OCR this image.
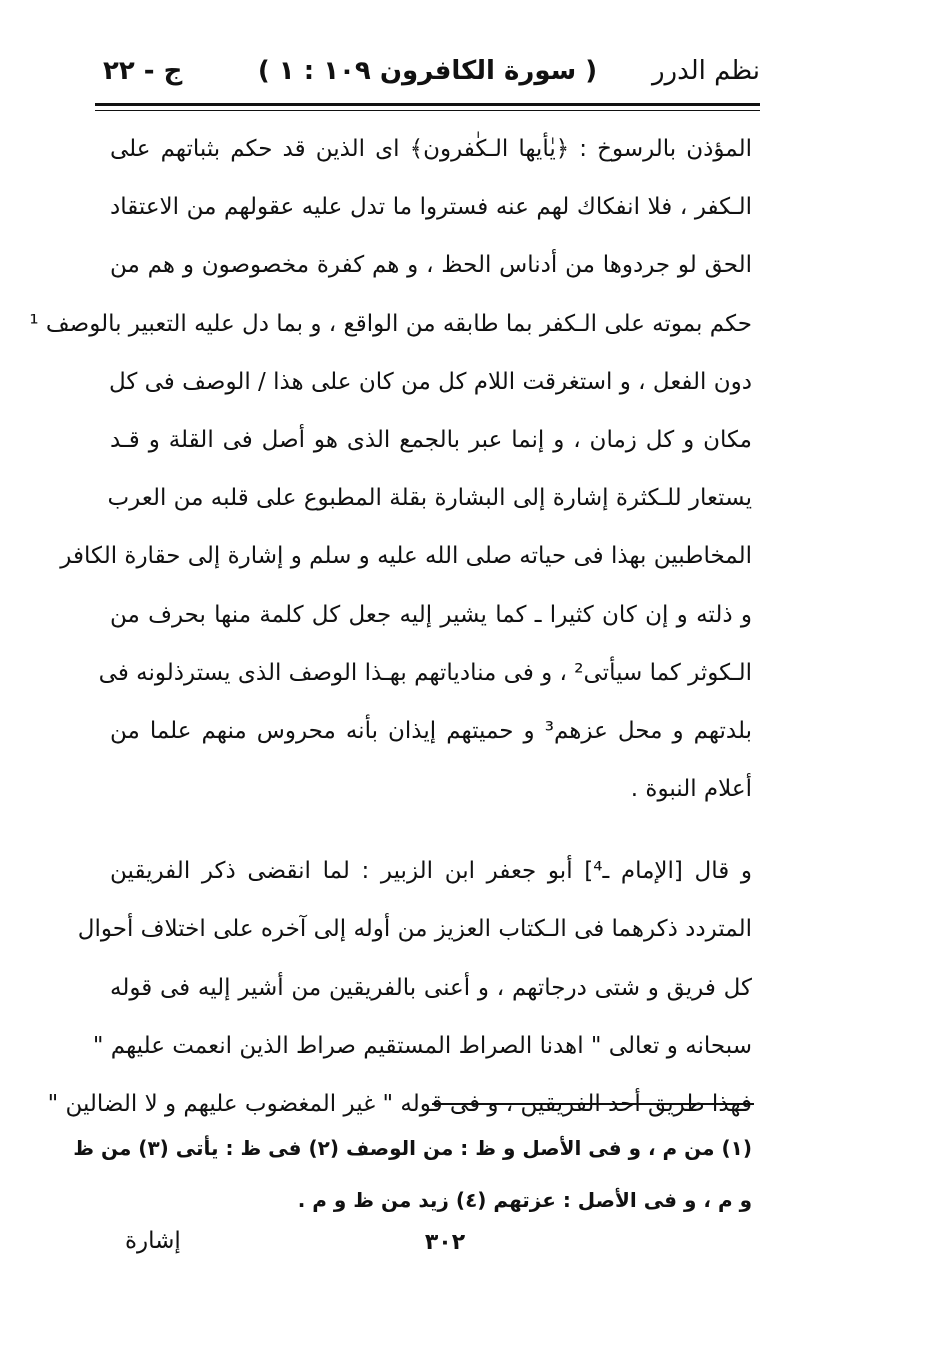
نظم الدرر
( سورة الكافرون ١٠٩ : ١ )
ج - ٢٢
المؤذن بالرسوخ : ﴿يٰأيها الـكٰفرون﴾ ای الذین قد حکم بثباتهم علی
الـکفر ، فلا انفکاك لهم عنه فستروا ما تدل علیه عقولهم من الاعتقاد
الحق لو جردوها من أدناس الحظ ، و هم کفرة مخصوصون و هم من
حکم بموته علی الـکفر بما طابقه من الواقع ، و بما دل علیه التعبیر بالوصف ¹
دون الفعل ، و استغرقت اللام کل من کان علی هذا / الوصف فی کل
مکان و کل زمان ، و إنما عبر بالجمع الذی هو أصل فی القلة و قـد
یستعار للـکثرة إشارة إلی البشارة بقلة المطبوع علی قلبه من العرب
المخاطبین بهذا فی حیاته صلی الله علیه و سلم و إشارة إلی حقارة الکافر
و ذلته و إن کان کثیرا ـ کما یشیر إلیه جعل کل کلمة منها بحرف من
الـکوثر کما سیأتی² ، و فی منادیاتهم بهـذا الوصف الذی یسترذلونه فی
بلدتهم و محل عزهم³ و حمیتهم إیذان بأنه محروس منهم علما من
أعلام النبوة .
و قال [الإمام ـ⁴] أبو جعفر ابن الزبیر : لما انقضی ذکر الفریقین
المتردد ذکرهما فی الـکتاب العزیز من أوله إلی آخره علی اختلاف أحوال
کل فریق و شتی درجاتهم ، و أعنی بالفریقین من أشیر إلیه فی قوله
سبحانه و تعالی " اهدنا الصراط المستقیم صراط الذین انعمت علیهم "
فهذا طریق أحد الفریقین ، و فی قوله " غیر المغضوب علیهم و لا الضالین "
(١) من م ، و فی الأصل و ظ : من الوصف (٢) فی ظ : یأتی (٣) من ظ
و م ، و فی الأصل : عزتهم (٤) زید من ظ و م .
٣٠٢
إشارة
